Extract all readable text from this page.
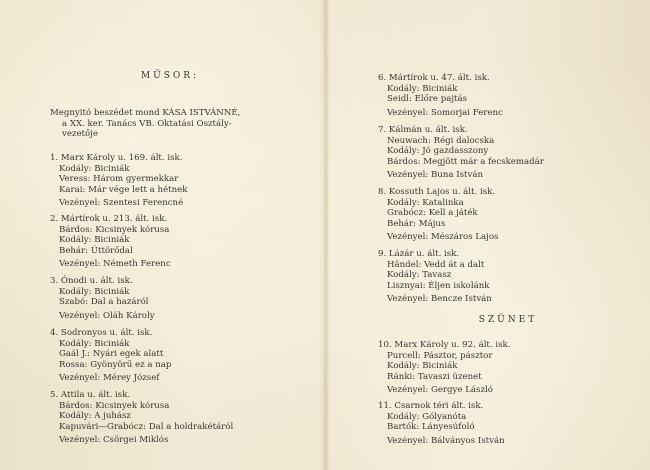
MŰSOR:
Megnyitó beszédet mond KÁSA ISTVÁNNÉ,
a XX. ker. Tanács VB. Oktatási Osztály-
vezetője
1. Marx Károly u. 169. ált. isk.
Kodály: Biciniák
Veress: Három gyermekkar
Karai: Már vége lett a hétnek
Vezényel: Szentesi Ferencné
2. Mártírok u. 213. ált. isk.
Bárdos: Kicsinyek kórusa
Kodály: Biciniák
Behár: Úttörődal
Vezényel: Németh Ferenc
3. Ónodi u. ált. isk.
Kodály: Biciniák
Szabó: Dal a hazáról
Vezényel: Oláh Károly
4. Sodronyos u. ált. isk.
Kodály: Biciniák
Gaál J.: Nyári egek alatt
Rossa: Gyönyörű ez a nap
Vezényel: Mérey József
5. Attila u. ált. isk.
Bárdos: Kicsinyek kórusa
Kodály: A juhász
Kapuvári—Grabócz: Dal a holdrakétáról
Vezényel: Csörgei Miklós
6. Mártírok u. 47. ált. isk.
Kodály: Biciniák
Seidl: Előre pajtás
Vezényel: Somorjai Ferenc
7. Kálmán u. ált. isk.
Neuwach: Régi dalocska
Kodály: Jó gazdasszony
Bárdos: Megjött már a fecskemadár
Vezényel: Buna István
8. Kossuth Lajos u. ált. isk.
Kodály: Katalinka
Grabócz: Kell a játék
Behár: Május
Vezényel: Mészáros Lajos
9. Lázár u. ált. isk.
Händel: Vedd át a dalt
Kodály: Tavasz
Lisznyai: Éljen iskolánk
Vezényel: Bencze István
SZÜNET
10. Marx Károly u. 92. ált. isk.
Purcell: Pásztor, pásztor
Kodály: Biciniák
Ránki: Tavaszi üzenet
Vezényel: Gergye László
11. Csarnok téri ált. isk.
Kodály: Gólyanóta
Bartók: Lányesúfoló
Vezényel: Bálványos István
